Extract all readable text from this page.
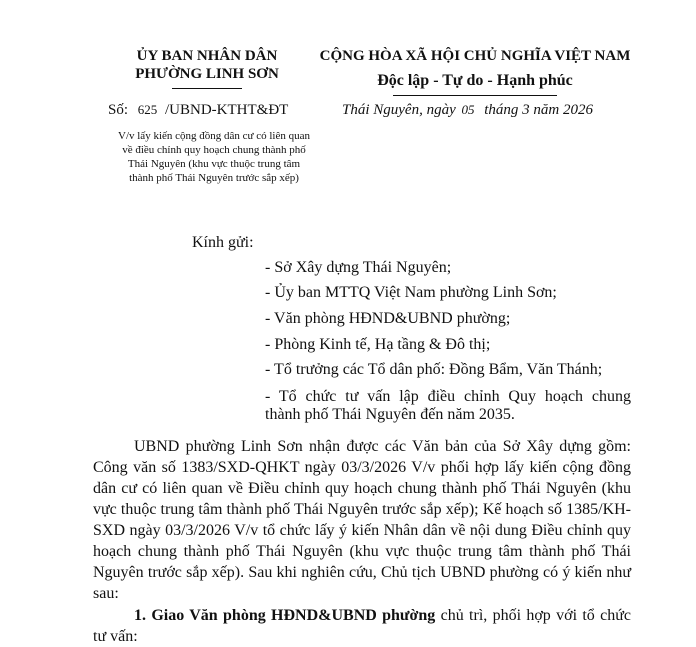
ỦY BAN NHÂN DÂN
PHƯỜNG LINH SƠN
CỘNG HÒA XÃ HỘI CHỦ NGHĨA VIỆT NAM
Độc lập - Tự do - Hạnh phúc
Số: 625 /UBND-KTHT&ĐT	Thái Nguyên, ngày 05 tháng 3 năm 2026
V/v lấy kiến cộng đồng dân cư có liên quan
về điều chỉnh quy hoạch chung thành phố
Thái Nguyên (khu vực thuộc trung tâm
thành phố Thái Nguyên trước sắp xếp)
Kính gửi:
- Sở Xây dựng Thái Nguyên;
- Ủy ban MTTQ Việt Nam phường Linh Sơn;
- Văn phòng HĐND&UBND phường;
- Phòng Kinh tế, Hạ tầng & Đô thị;
- Tổ trưởng các Tổ dân phố: Đồng Bẩm, Văn Thánh;
- Tổ chức tư vấn lập điều chỉnh Quy hoạch chung
thành phố Thái Nguyên đến năm 2035.
UBND phường Linh Sơn nhận được các Văn bản của Sở Xây dựng gồm: Công văn số 1383/SXD-QHKT ngày 03/3/2026 V/v phối hợp lấy kiến cộng đồng dân cư có liên quan về Điều chỉnh quy hoạch chung thành phố Thái Nguyên (khu vực thuộc trung tâm thành phố Thái Nguyên trước sắp xếp); Kế hoạch số 1385/KH-SXD ngày 03/3/2026 V/v tổ chức lấy ý kiến Nhân dân về nội dung Điều chỉnh quy hoạch chung thành phố Thái Nguyên (khu vực thuộc trung tâm thành phố Thái Nguyên trước sắp xếp). Sau khi nghiên cứu, Chủ tịch UBND phường có ý kiến như sau:
1. Giao Văn phòng HĐND&UBND phường chủ trì, phối hợp với tổ chức tư vấn:
